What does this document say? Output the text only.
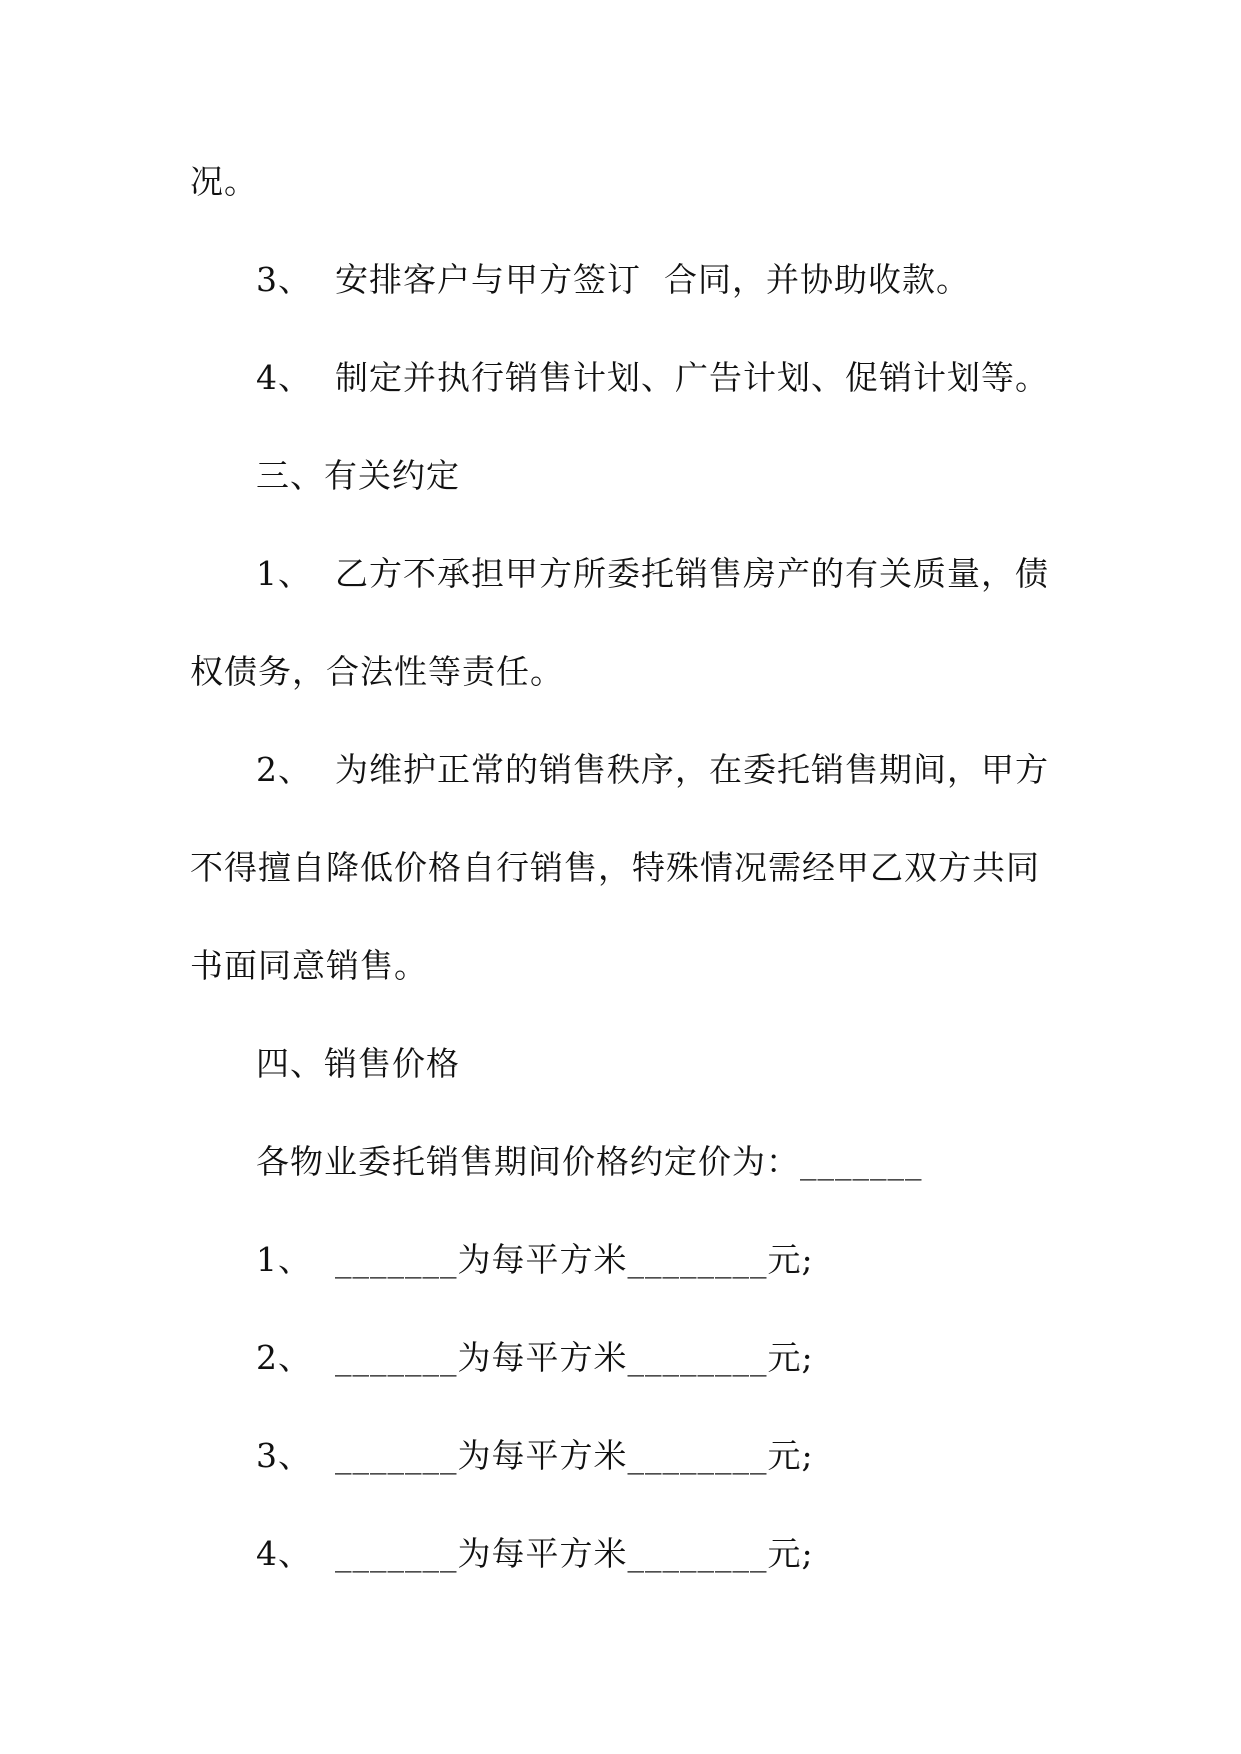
况。
3、  安排客户与甲方签订  合同，并协助收款。
4、  制定并执行销售计划、广告计划、促销计划等。
三、有关约定
1、  乙方不承担甲方所委托销售房产的有关质量，债
权债务，合法性等责任。
2、  为维护正常的销售秩序，在委托销售期间，甲方
不得擅自降低价格自行销售，特殊情况需经甲乙双方共同
书面同意销售。
四、销售价格
各物业委托销售期间价格约定价为：_______
1、  _______为每平方米________元;
2、  _______为每平方米________元;
3、  _______为每平方米________元;
4、  _______为每平方米________元;
